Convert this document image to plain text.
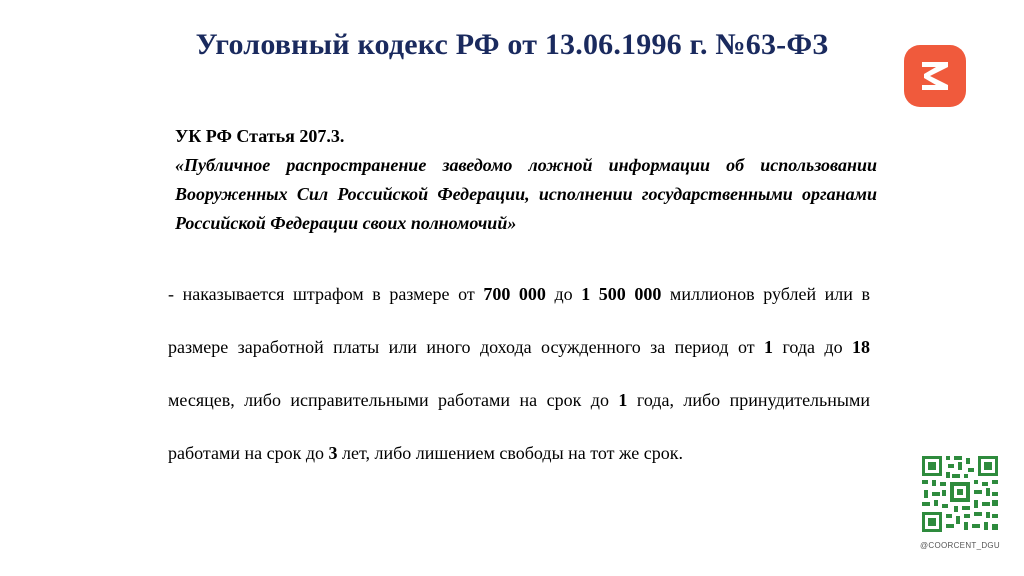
Уголовный кодекс РФ от 13.06.1996 г. №63-ФЗ

УК РФ Статья 207.3.

«Публичное распространение заведомо ложной информации об использовании Вооруженных Сил Российской Федерации, исполнении государственными органами Российской Федерации своих полномочий»

- наказывается штрафом в размере от 700 000 до 1 500 000 миллионов рублей или в размере заработной платы или иного дохода осужденного за период от 1 года до 18 месяцев, либо исправительными работами на срок до 1 года, либо принудительными работами на срок до 3 лет, либо лишением свободы на тот же срок.

@COORCENT_DGU
